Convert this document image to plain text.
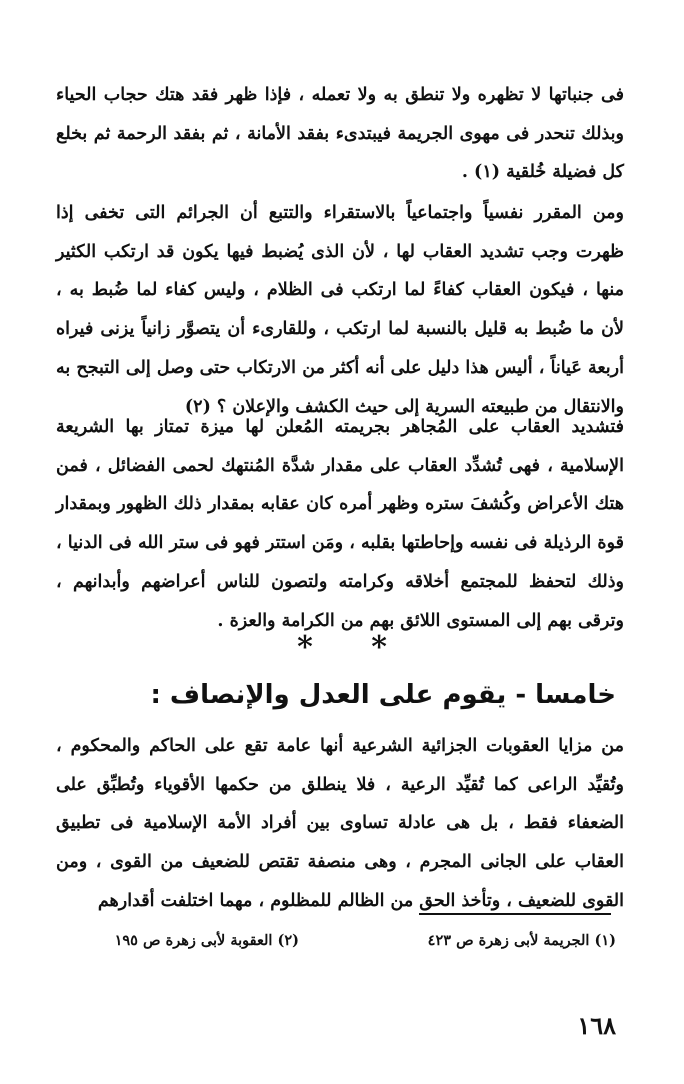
فى جنباتها لا تظهره ولا تنطق به ولا تعمله ، فإذا ظهر فقد هتك حجاب الحياء وبذلك تنحدر فى مهوى الجريمة فيبتدىء بفقد الأمانة ، ثم بفقد الرحمة ثم بخلع كل فضيلة خُلقية (١) .

ومن المقرر نفسياً واجتماعياً بالاستقراء والتتبع أن الجرائم التى تخفى إذا ظهرت وجب تشديد العقاب لها ، لأن الذى يُضبط فيها يكون قد ارتكب الكثير منها ، فيكون العقاب كفاءً لما ارتكب فى الظلام ، وليس كفاء لما ضُبط به ، لأن ما ضُبط به قليل بالنسبة لما ارتكب ، وللقارىء أن يتصوَّر زانياً يزنى فيراه أربعة عَياناً ، أليس هذا دليل على أنه أكثر من الارتكاب حتى وصل إلى التبجح به والانتقال من طبيعته السرية إلى حيث الكشف والإعلان ؟ (٢)

فتشديد العقاب على المُجاهر بجريمته المُعلن لها ميزة تمتاز بها الشريعة الإسلامية ، فهى تُشدِّد العقاب على مقدار شدَّة المُنتهك لحمى الفضائل ، فمن هتك الأعراض وكُشفَ ستره وظهر أمره كان عقابه بمقدار ذلك الظهور وبمقدار قوة الرذيلة فى نفسه وإحاطتها بقلبه ، ومَن استتر فهو فى ستر الله فى الدنيا ، وذلك لتحفظ للمجتمع أخلاقه وكرامته ولتصون للناس أعراضهم وأبدانهم ، وترقى بهم إلى المستوى اللائق بهم من الكرامة والعزة .

* *
خامسا - يقوم على العدل والإنصاف :

من مزايا العقوبات الجزائية الشرعية أنها عامة تقع على الحاكم والمحكوم ، وتُقيِّد الراعى كما تُقيِّد الرعية ، فلا ينطلق من حكمها الأقوياء وتُطبِّق على الضعفاء فقط ، بل هى عادلة تساوى بين أفراد الأمة الإسلامية فى تطبيق العقاب على الجانى المجرم ، وهى منصفة تقتص للضعيف من القوى ، ومن القوى للضعيف ، وتأخذ الحق من الظالم للمظلوم ، مهما اختلفت أقدارهم

(١) الجريمة لأبى زهرة ص ٤٢٣
(٢) العقوبة لأبى زهرة ص ١٩٥
١٦٨
